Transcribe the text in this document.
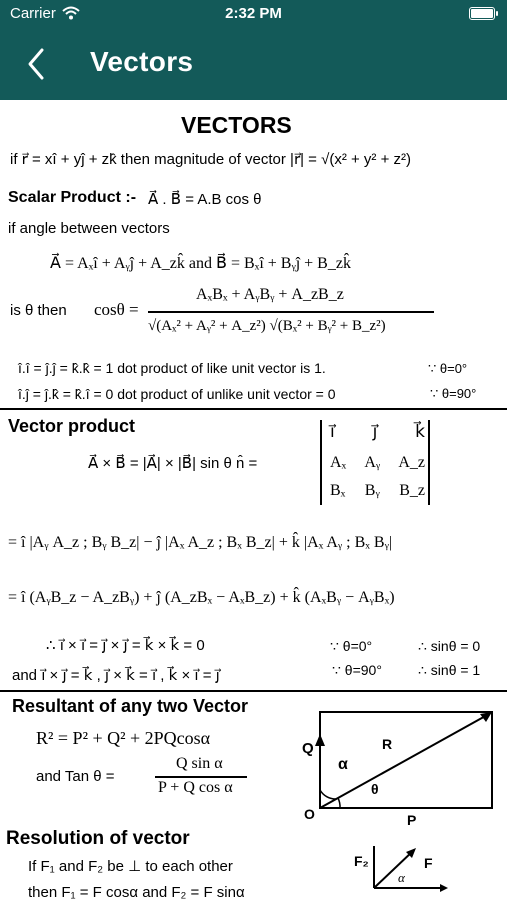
Carrier	2:32 PM
Vectors
VECTORS
if r⃗ = xî + yĵ + zk̂ then magnitude of vector |r⃗| = √(x² + y² + z²)
Scalar Product :- A⃗ . B⃗ = A.B cos θ
if angle between vectors
A⃗ = Aₓî + Aᵧĵ + A_zk̂ and B⃗ = Bₓî + Bᵧĵ + B_zk̂
is θ then cosθ =
AₓBₓ + AᵧBᵧ + A_zB_z
√(Aₓ² + Aᵧ² + A_z²) √(Bₓ² + Bᵧ² + B_z²)
î.î = ĵ.ĵ = k̂.k̂ = 1 dot product of like unit vector is 1.	∵ θ=0°
î.ĵ = ĵ.k̂ = k̂.î = 0 dot product of unlike unit vector = 0	∵ θ=90°
Vector product
A⃗ × B⃗ = |A⃗| × |B⃗| sin θ n̂ =
i⃗ j⃗ k⃗
Aₓ Aᵧ A_z
Bₓ Bᵧ B_z
= î |Aᵧ A_z ; Bᵧ B_z| − ĵ |Aₓ A_z ; Bₓ B_z| + k̂ |Aₓ Aᵧ ; Bₓ Bᵧ|
= î (AᵧB_z − A_zBᵧ) + ĵ (A_zBₓ − AₓB_z) + k̂ (AₓBᵧ − AᵧBₓ)
∴ i⃗ × i⃗ = j⃗ × j⃗ = k⃗ × k⃗ = 0	∵ θ=0°	∴ sinθ = 0
and i⃗ × j⃗ = k⃗ , j⃗ × k⃗ = i⃗ , k⃗ × i⃗ = j⃗	∵ θ=90°	∴ sinθ = 1
Resultant of any two Vector
R² = P² + Q² + 2PQcosα
and Tan θ =
Q sin α
P + Q cos α
Q	R
α
θ
O	P
Resolution of vector
If F₁ and F₂ be ⊥ to each other
then F₁ = F cosα and F₂ = F sinα
F₂	F
α
